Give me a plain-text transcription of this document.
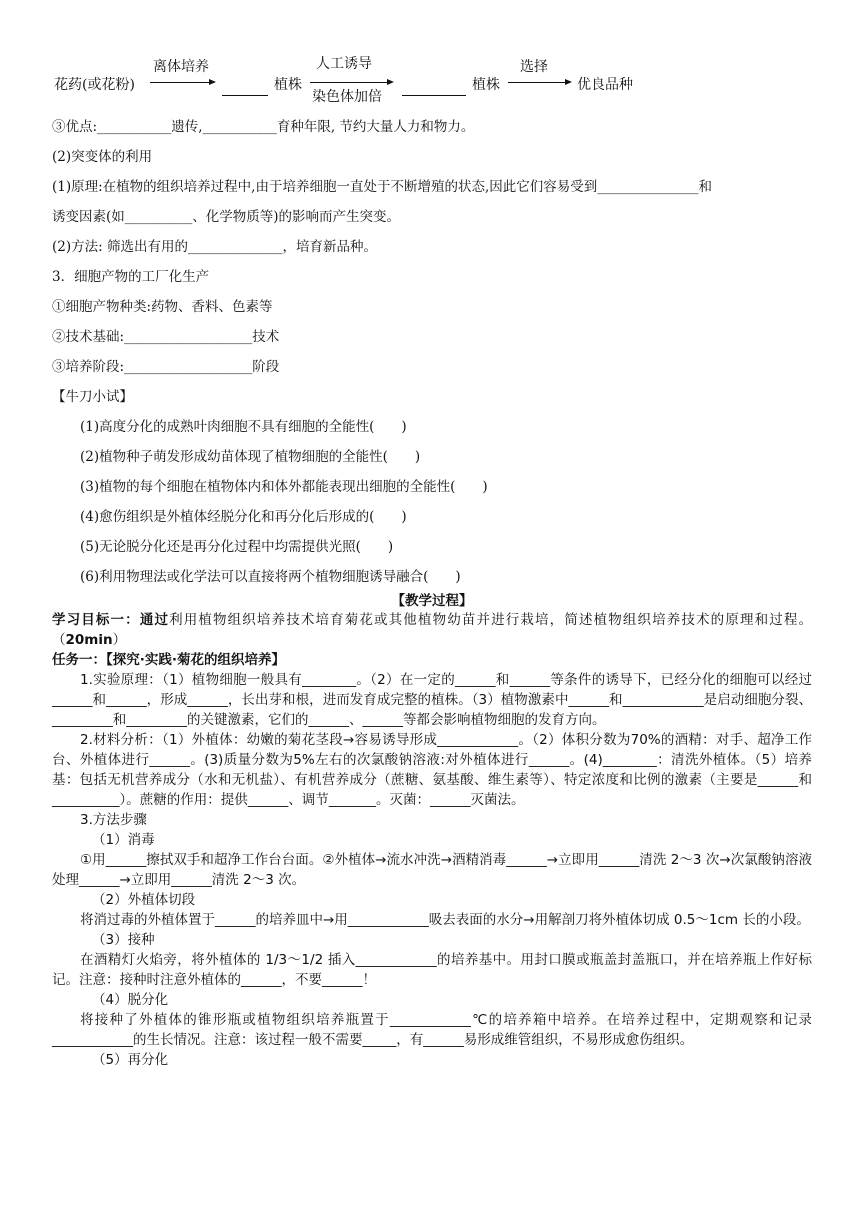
花药(或花粉)
离体培养
植株
人工诱导
染色体加倍
植株
选择
优良品种

③优点:___________遗传,___________育种年限, 节约大量人力和物力。

(2)突变体的利用

(1)原理:在植物的组织培养过程中,由于培养细胞一直处于不断增殖的状态,因此它们容易受到_______________和

诱变因素(如__________、化学物质等)的影响而产生突变。

(2)方法: 筛选出有用的______________，培育新品种。

3．细胞产物的工厂化生产

①细胞产物种类:药物、香料、色素等

②技术基础:___________________技术

③培养阶段:___________________阶段

【牛刀小试】

(1)高度分化的成熟叶肉细胞不具有细胞的全能性(　　)

(2)植物种子萌发形成幼苗体现了植物细胞的全能性(　　)

(3)植物的每个细胞在植物体内和体外都能表现出细胞的全能性(　　)

(4)愈伤组织是外植体经脱分化和再分化后形成的(　　)

(5)无论脱分化还是再分化过程中均需提供光照(　　)

(6)利用物理法或化学法可以直接将两个植物细胞诱导融合(　　)

【教学过程】

学习目标一：通过利用植物组织培养技术培育菊花或其他植物幼苗并进行栽培，简述植物组织培养技术的原理和过程。（20min）

任务一：【探究·实践·菊花的组织培养】

1.实验原理：（1）植物细胞一般具有________。（2）在一定的______和______等条件的诱导下，已经分化的细胞可以经过______和______，形成______，长出芽和根，进而发育成完整的植株。（3）植物激素中______和____________是启动细胞分裂、_________和_________的关键激素，它们的______、______等都会影响植物细胞的发育方向。

2.材料分析：（1）外植体：幼嫩的菊花茎段→容易诱导形成____________。（2）体积分数为70%的酒精：对手、超净工作台、外植体进行______。(3)质量分数为5%左右的次氯酸钠溶液:对外植体进行______。(4)________：清洗外植体。（5）培养基：包括无机营养成分（水和无机盐）、有机营养成分（蔗糖、氨基酸、维生素等）、特定浓度和比例的激素（主要是______和__________）。蔗糖的作用：提供______、调节_______。灭菌：______灭菌法。

3.方法步骤

（1）消毒

①用______擦拭双手和超净工作台台面。②外植体→流水冲洗→酒精消毒______→立即用______清洗 2～3 次→次氯酸钠溶液处理______→立即用______清洗 2～3 次。

（2）外植体切段

将消过毒的外植体置于______的培养皿中→用____________吸去表面的水分→用解剖刀将外植体切成 0.5～1cm 长的小段。

（3）接种

在酒精灯火焰旁，将外植体的 1/3～1/2 插入____________的培养基中。用封口膜或瓶盖封盖瓶口，并在培养瓶上作好标记。注意：接种时注意外植体的______，不要______！

（4）脱分化

将接种了外植体的锥形瓶或植物组织培养瓶置于____________℃的培养箱中培养。在培养过程中，定期观察和记录____________的生长情况。注意：该过程一般不需要_____，有______易形成维管组织，不易形成愈伤组织。

（5）再分化
